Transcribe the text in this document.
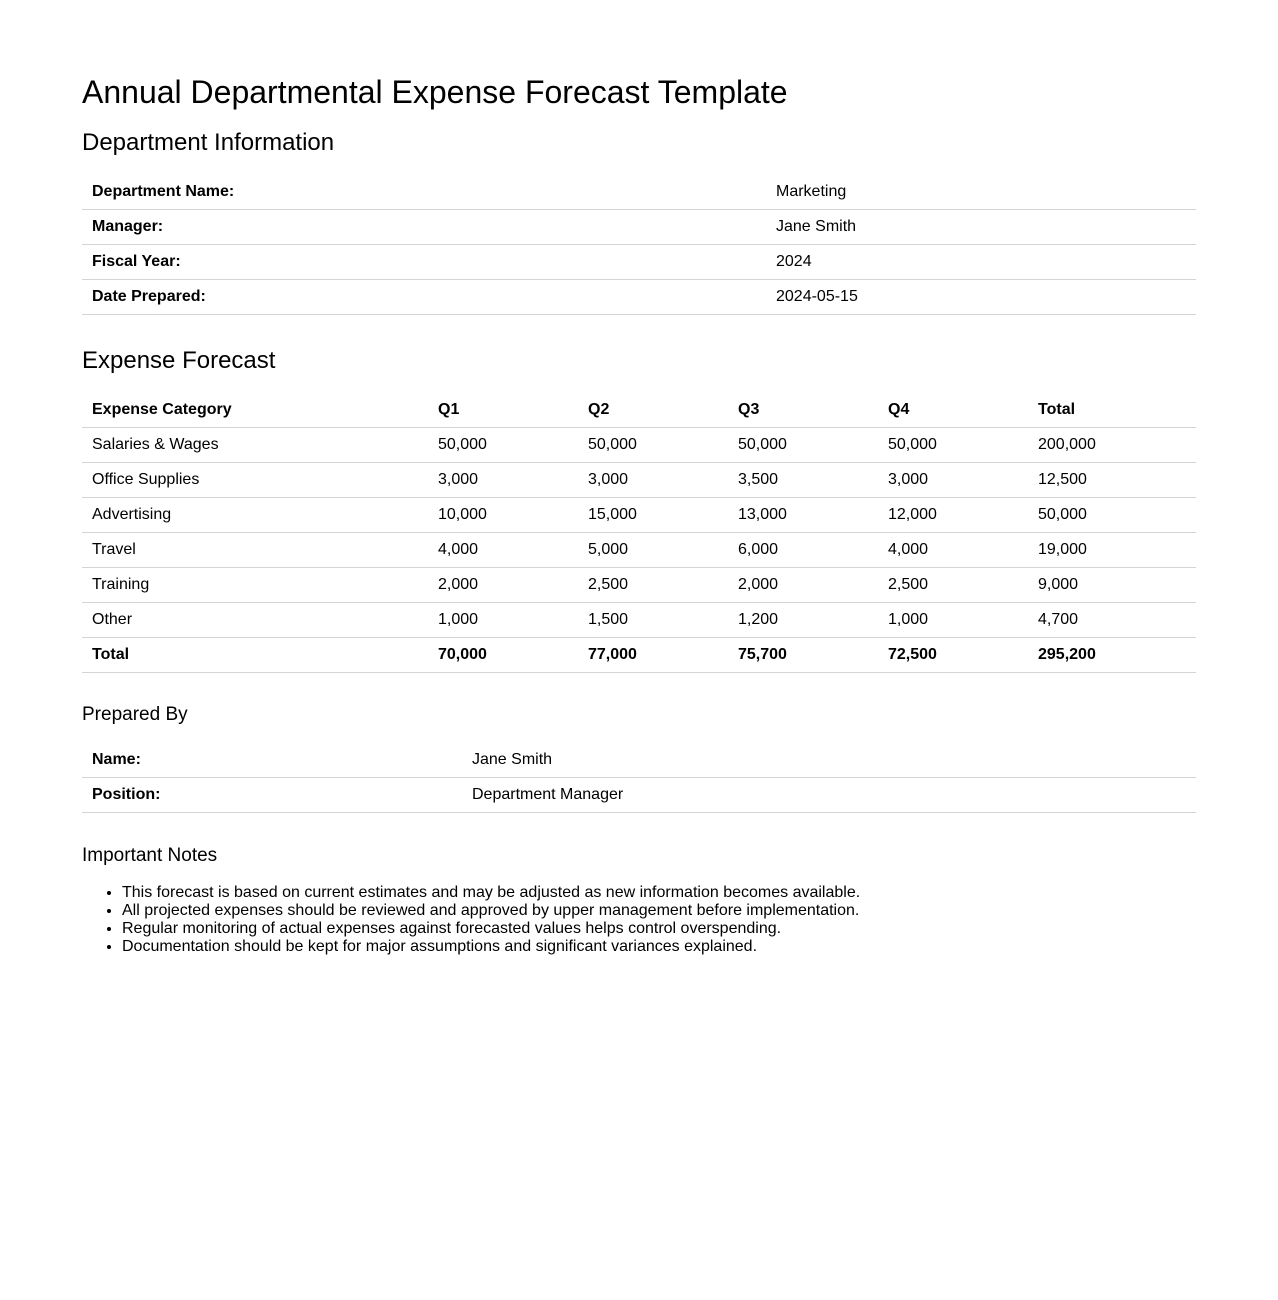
Annual Departmental Expense Forecast Template
Department Information
Department Name:	Marketing
Manager:	Jane Smith
Fiscal Year:	2024
Date Prepared:	2024-05-15
Expense Forecast
Expense Category	Q1	Q2	Q3	Q4	Total
Salaries & Wages	50,000	50,000	50,000	50,000	200,000
Office Supplies	3,000	3,000	3,500	3,000	12,500
Advertising	10,000	15,000	13,000	12,000	50,000
Travel	4,000	5,000	6,000	4,000	19,000
Training	2,000	2,500	2,000	2,500	9,000
Other	1,000	1,500	1,200	1,000	4,700
Total	70,000	77,000	75,700	72,500	295,200
Prepared By
Name:	Jane Smith
Position:	Department Manager
Important Notes
• This forecast is based on current estimates and may be adjusted as new information becomes available.
• All projected expenses should be reviewed and approved by upper management before implementation.
• Regular monitoring of actual expenses against forecasted values helps control overspending.
• Documentation should be kept for major assumptions and significant variances explained.
